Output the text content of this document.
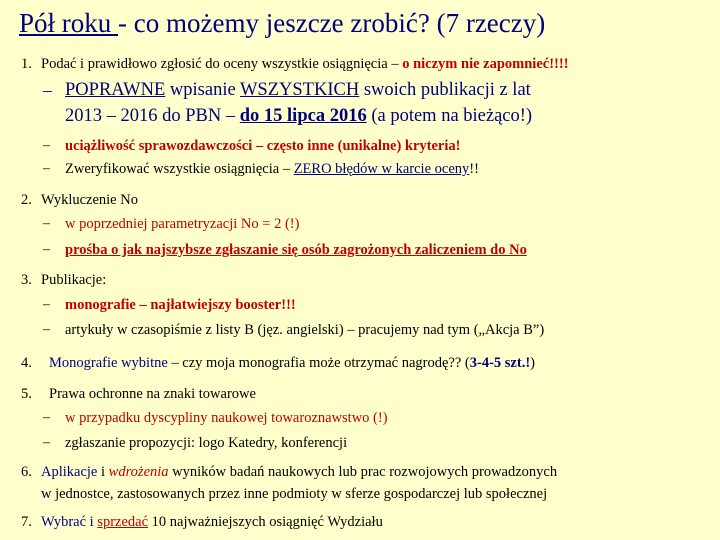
Pół roku - co możemy jeszcze zrobić? (7 rzeczy)
1. Podać i prawidłowo zgłosić do oceny wszystkie osiągnięcia – o niczym nie zapomnieć!!!!
– POPRAWNE wpisanie WSZYSTKICH swoich publikacji z lat
2013 – 2016 do PBN – do 15 lipca 2016 (a potem na bieżąco!)
– uciążliwość sprawozdawczości – często inne (unikalne) kryteria!
– Zweryfikować wszystkie osiągnięcia – ZERO błędów w karcie oceny!!
2. Wykluczenie No
– w poprzedniej parametryzacji No = 2 (!)
– prośba o jak najszybsze zgłaszanie się osób zagrożonych zaliczeniem do No
3. Publikacje:
– monografie – najłatwiejszy booster!!!
– artykuły w czasopiśmie z listy B (jęz. angielski) – pracujemy nad tym („Akcja B”)
4. Monografie wybitne – czy moja monografia może otrzymać nagrodę?? (3-4-5 szt.!)
5. Prawa ochronne na znaki towarowe
– w przypadku dyscypliny naukowej towaroznawstwo (!)
– zgłaszanie propozycji: logo Katedry, konferencji
6. Aplikacje i wdrożenia wyników badań naukowych lub prac rozwojowych prowadzonych
w jednostce, zastosowanych przez inne podmioty w sferze gospodarczej lub społecznej
7. Wybrać i sprzedać 10 najważniejszych osiągnięć Wydziału
